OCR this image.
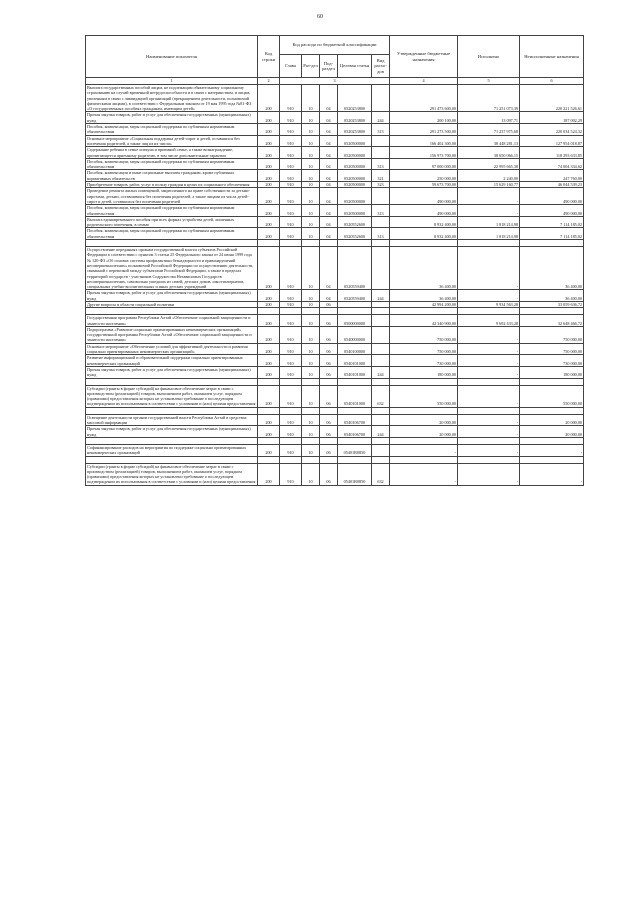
60
Наименование показателя	Код строки	Код расхода по бюджетной классификации					Утвержденные бюджетные назначения	Исполнено	Неисполненные назначения
		Глава	Раз-дел	Под-раздел	Целевая статья	Вид расхо-дов			
1	2	3					4	5	6
Выплата государственных пособий лицам, не подлежащим обязательному социальному страхованию на случай временной нетрудоспособности и в связи с материнством, и лицам, уволенным в связи с ликвидацией организаций (прекращением деятельности, полномочий физическими лицами), в соответствии с Федеральным законом от 19 мая 1995 года №81-ФЗ «О государственных пособиях гражданам, имеющим детей»	200	910	10	04	0520253800		291 473 600,00	71 251 073,39	220 221 526,61
Прочая закупка товаров, работ и услуг для обеспечения государственных (муниципальных) нужд	200	910	10	04	0520253800	244	200 100,00	13 097,71	187 002,29
Пособия, компенсации, меры социальной поддержки по публичным нормативным обязательствам	200	910	10	04	0520253800	313	291 273 500,00	71 237 975,68	220 034 524,32
Основное мероприятие «Социальная поддержка детей-сирот и детей, оставшихся без попечения родителей, а также лиц из их числа»	200	910	10	04	0520500000		166 402 300,00	38 448 281,13	127 954 018,87
Содержание ребенка в семье опекуна и приемной семье, а также вознаграждение, причитающееся приемному родителю, в том числе дополнительные гарантии	200	910	10	04	0520500000		156 973 700,00	38 650 066,15	118 293 633,85
Пособия, компенсации, меры социальной поддержки по публичным нормативным обязательствам	200	910	10	04	0520500000	313	97 000 000,00	22 995 665,38	74 004 334,62
Пособия, компенсации и иные социальные выплаты гражданам, кроме публичных нормативных обязательств	200	910	10	04	0520500000	321	250 000,00	2 240,00	247 760,00
Приобретение товаров, работ, услуг в пользу граждан в целях их социального обеспечения	200	910	10	04	0520500000	323	59 673 700,00	15 629 160,77	46 044 539,23
Проведение ремонта жилых помещений, закрепленного на праве собственности за детьми-сиротами, детьми, оставшимися без попечения родителей, а также лицами из числа детей-сирот и детей, оставшихся без попечения родителей	200	910	10	04	0520500000		490 000,00	-	490 000,00
Пособия, компенсации, меры социальной поддержки по публичным нормативным обязательствам	200	910	10	04	0520500000	313	490 000,00	-	490 000,00
Выплата единовременного пособия при всех формах устройства детей, лишенных родительского попечения, в семью	200	910	10	04	0520552600		8 932 400,00	1 818 214,98	7 114 185,02
Пособия, компенсации, меры социальной поддержки по публичным нормативным обязательствам	200	910	10	04	0520552600	313	8 932 400,00	1 818 214,98	7 114 185,02

Осуществление переданных органам государственной власти субъектов Российской Федерации в соответствии с пунктом 3 статьи 25 Федерального закона от 24 июня 1999 года № 120-ФЗ «Об основах системы профилактики безнадзорности и правонарушений несовершеннолетних» полномочий Российской Федерации по осуществлению деятельности, связанной с перевозкой между субъектами Российской Федерации, а также в пределах территорий государств - участников Содружества Независимых Государств несовершеннолетних, самовольно ушедших из семей, детских домов, школ-интернатов, специальных учебно-воспитательных и иных детских учреждений	200	910	10	04	0520559400		36 400,00	-	36 400,00
Прочая закупка товаров, работ и услуг для обеспечения государственных (муниципальных) нужд	200	910	10	04	0520559400	244	36 400,00	-	36 400,00
Другие вопросы в области социальной политики	200	910	10	06			42 994 200,00	9 934 563,28	33 059 636,72

Государственная программа Республики Алтай «Обеспечение социальной защищенности и занятости населения»	200	910	10	06	0500000000		42 340 900,00	9 692 433,28	32 648 466,72
Подпрограмма «Развитие социально ориентированных некоммерческих организаций» государственной программы Республики Алтай «Обеспечение социальной защищенности и занятости населения»	200	910	10	06	0540000000		750 000,00	-	750 000,00
Основное мероприятие «Обеспечение условий для эффективной деятельности и развития социально ориентированных некоммерческих организаций»	200	910	10	06	0540100000		750 000,00	-	750 000,00
Развитие информационной и образовательной поддержки социально ориентированных некоммерческих организаций	200	910	10	06	0540101000		730 000,00	-	730 000,00
Прочая закупка товаров, работ и услуг для обеспечения государственных (муниципальных) нужд	200	910	10	06	0540101000	244	180 000,00	-	180 000,00

Субсидии (гранты в форме субсидий) на финансовое обеспечение затрат в связи с производством (реализацией) товаров, выполнением работ, оказанием услуг, порядком (правилами) предоставления которых не установлено требование о последующем подтверждении их использования в соответствии с условиями и (или) целями предоставления	200	910	10	06	0540101000	632	550 000,00	-	550 000,00

Освещение деятельности органов государственной власти Республики Алтай в средствах массовой информации	200	910	10	06	0540106700		20 000,00	-	20 000,00
Прочая закупка товаров, работ и услуг для обеспечения государственных (муниципальных) нужд	200	910	10	06	0540106700	244	20 000,00	-	20 000,00

Софинансирование расходов на мероприятия по поддержке социально ориентированных некоммерческих организаций	200	910	10	06	05401R0850		-	-	-

Субсидии (гранты в форме субсидий) на финансовое обеспечение затрат в связи с производством (реализацией) товаров, выполнением работ, оказанием услуг, порядком (правилами) предоставления которых не установлено требование о последующем подтверждении их использования в соответствии с условиями и (или) целями предоставления	200	910	10	06	05401R0850	632	-	-	-
